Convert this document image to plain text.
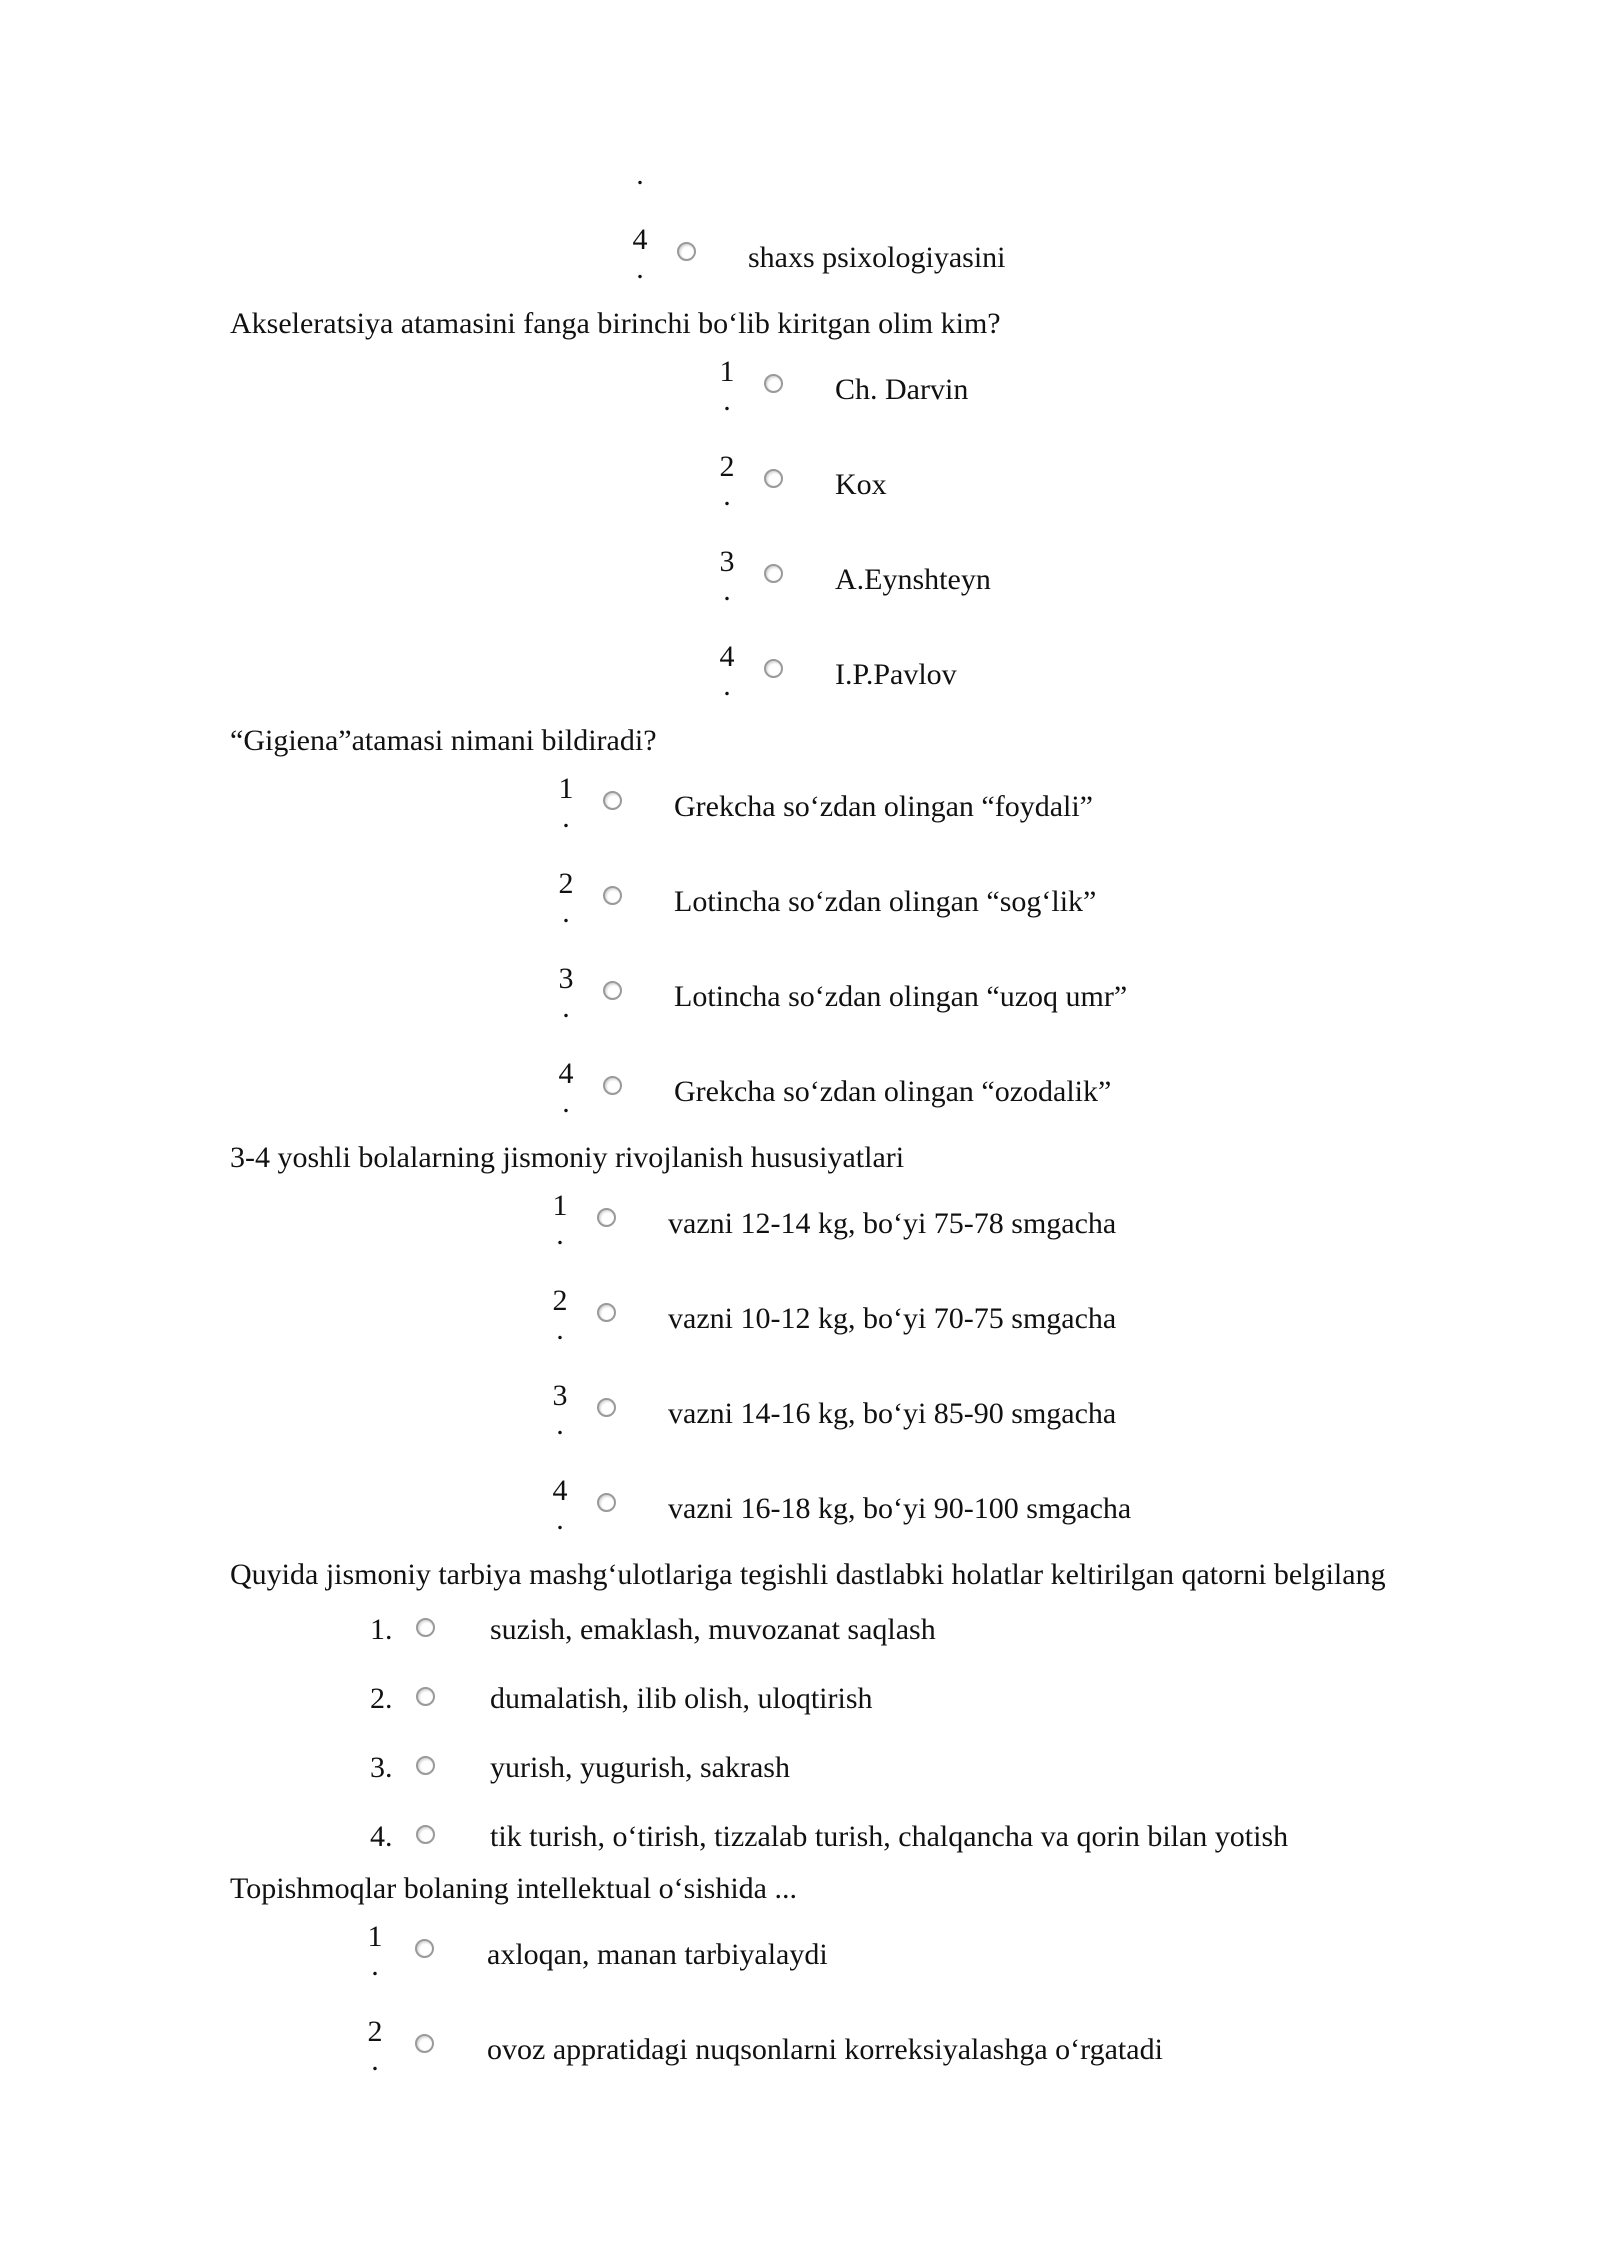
.
4
.	shaxs psixologiyasini
Akseleratsiya atamasini fanga birinchi bo‘lib kiritgan olim kim?
1
.	Ch. Darvin
2
.	Kox
3
.	A.Eynshteyn
4
.	I.P.Pavlov
“Gigiena”atamasi nimani bildiradi?
1
.	Grekcha so‘zdan olingan “foydali”
2
.	Lotincha so‘zdan olingan “sog‘lik”
3
.	Lotincha so‘zdan olingan “uzoq umr”
4
.	Grekcha so‘zdan olingan “ozodalik”
3-4 yoshli bolalarning jismoniy rivojlanish hususiyatlari
1
.	vazni 12-14 kg, bo‘yi 75-78 smgacha
2
.	vazni 10-12 kg, bo‘yi 70-75 smgacha
3
.	vazni 14-16 kg, bo‘yi 85-90 smgacha
4
.	vazni 16-18 kg, bo‘yi 90-100 smgacha
Quyida jismoniy tarbiya mashg‘ulotlariga tegishli dastlabki holatlar keltirilgan qatorni belgilang
1.	suzish, emaklash, muvozanat saqlash
2.	dumalatish, ilib olish, uloqtirish
3.	yurish, yugurish, sakrash
4.	tik turish, o‘tirish, tizzalab turish, chalqancha va qorin bilan yotish
Topishmoqlar bolaning intellektual o‘sishida ...
1
.	axloqan, manan tarbiyalaydi
2
.	ovoz appratidagi nuqsonlarni korreksiyalashga o‘rgatadi
